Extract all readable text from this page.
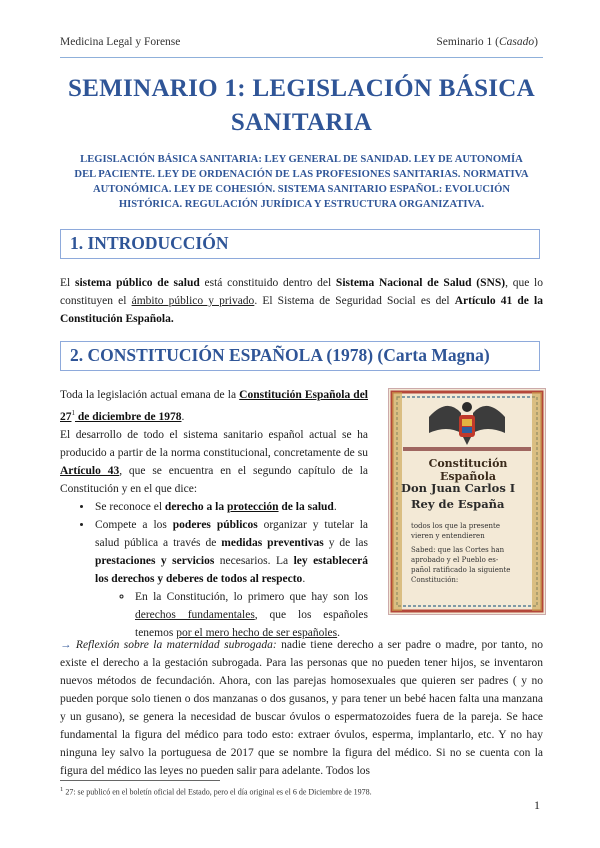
Medicina Legal y Forense	Seminario 1 (Casado)
SEMINARIO 1: LEGISLACIÓN BÁSICA
SANITARIA
LEGISLACIÓN BÁSICA SANITARIA: LEY GENERAL DE SANIDAD. LEY DE AUTONOMÍA
DEL PACIENTE. LEY DE ORDENACIÓN DE LAS PROFESIONES SANITARIAS. NORMATIVA
AUTONÓMICA. LEY DE COHESIÓN. SISTEMA SANITARIO ESPAÑOL: EVOLUCIÓN
HISTÓRICA. REGULACIÓN JURÍDICA Y ESTRUCTURA ORGANIZATIVA.
1. INTRODUCCIÓN
El sistema público de salud está constituido dentro del Sistema Nacional de Salud (SNS), que lo constituyen el ámbito público y privado. El Sistema de Seguridad Social es del Artículo 41 de la Constitución Española.
2. CONSTITUCIÓN ESPAÑOLA (1978) (Carta Magna)
Toda la legislación actual emana de la Constitución Española del $27^1$ de diciembre de 1978.
El desarrollo de todo el sistema sanitario español actual se ha producido a partir de la norma constitucional, concretamente de su Artículo 43, que se encuentra en el segundo capítulo de la Constitución y en el que dice:
• Se reconoce el derecho a la protección de la salud.
• Compete a los poderes públicos organizar y tutelar la salud pública a través de medidas preventivas y de las prestaciones y servicios necesarios. La ley establecerá los derechos y deberes de todos al respecto.
◦ En la Constitución, lo primero que hay son los derechos fundamentales, que los españoles tenemos por el mero hecho de ser españoles.
Constitución Española
Don Juan Carlos I
Rey de España
todos los que la presente
vieren y entendieren
Sabed: que las Cortes han
aprobado y el Pueblo es-
pañol ratificado la siguiente
Constitución:
→ Reflexión sobre la maternidad subrogada: nadie tiene derecho a ser padre o madre, por tanto, no existe el derecho a la gestación subrogada. Para las personas que no pueden tener hijos, se inventaron nuevos métodos de fecundación. Ahora, con las parejas homosexuales que quieren ser padres ( y no pueden porque solo tienen o dos manzanas o dos gusanos, y para tener un bebé hacen falta una manzana y un gusano), se genera la necesidad de buscar óvulos o espermatozoides fuera de la pareja. Se hace fundamental la figura del médico para todo esto: extraer óvulos, esperma, implantarlo, etc. Y no hay ninguna ley salvo la portuguesa de 2017 que se nombre la figura del médico. Si no se cuenta con la figura del médico las leyes no pueden salir para adelante. Todos los
$^1$ 27: se publicó en el boletín oficial del Estado, pero el día original es el 6 de Diciembre de 1978.
1
